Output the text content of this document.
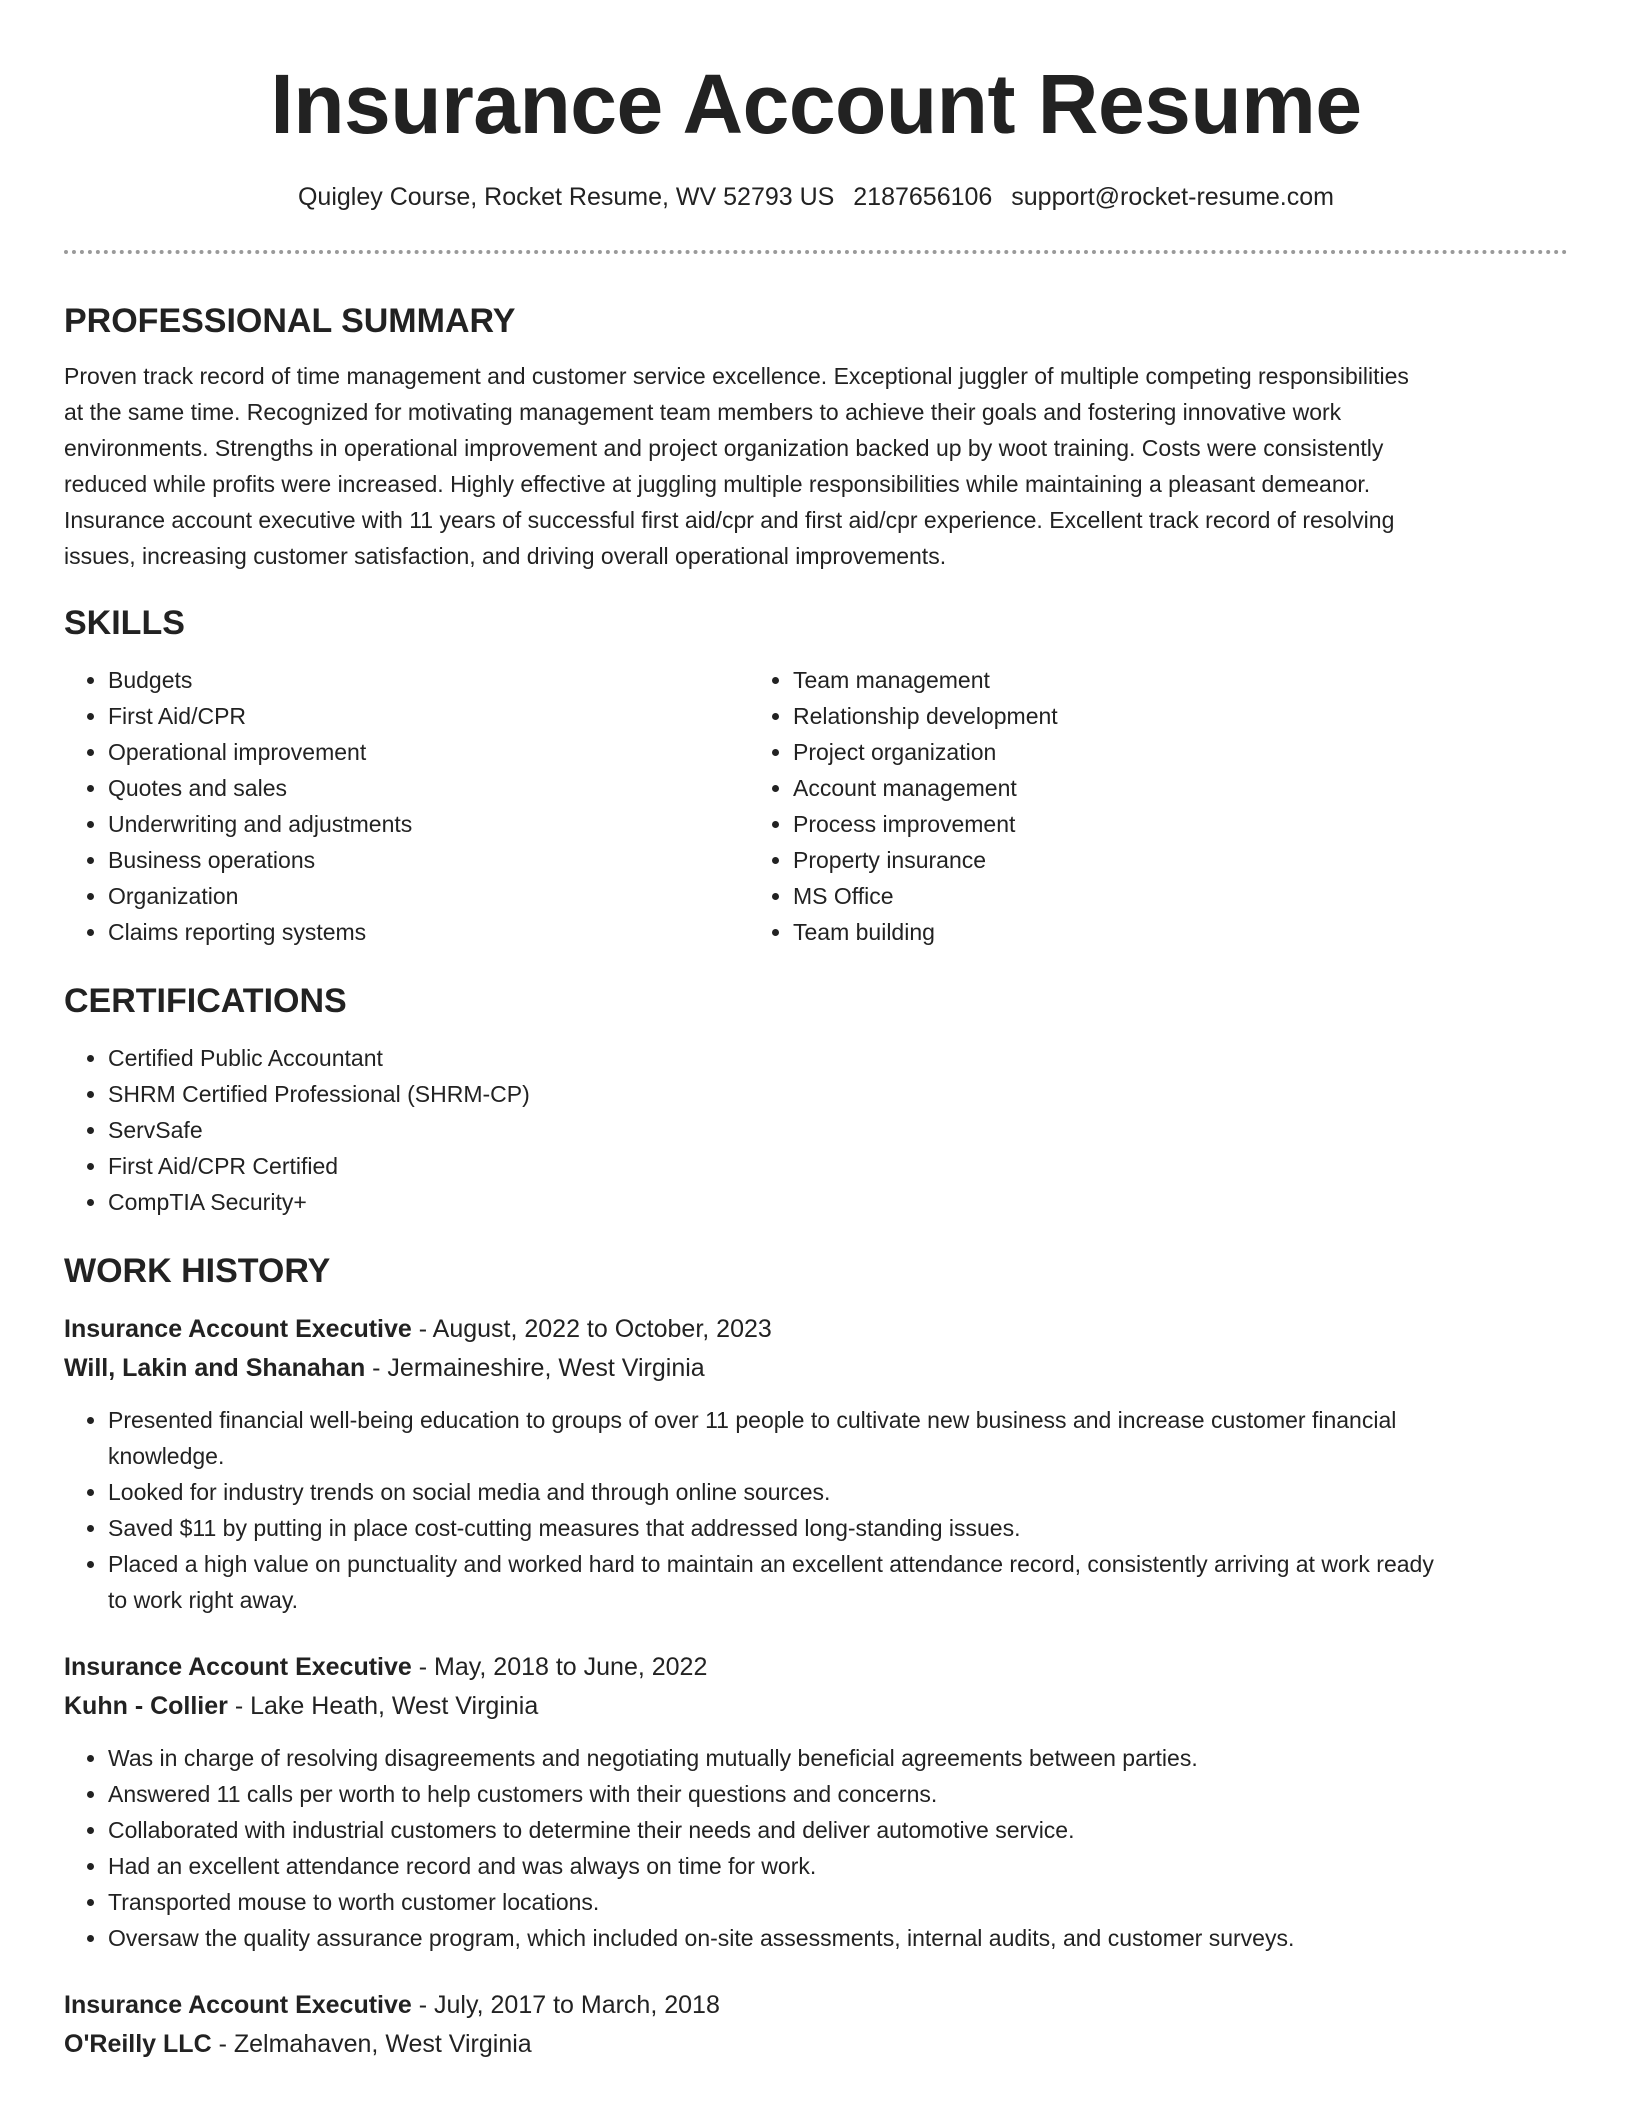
Insurance Account Resume
Quigley Course, Rocket Resume, WV 52793 US 2187656106 support@rocket-resume.com
PROFESSIONAL SUMMARY
Proven track record of time management and customer service excellence. Exceptional juggler of multiple competing responsibilities at the same time. Recognized for motivating management team members to achieve their goals and fostering innovative work environments. Strengths in operational improvement and project organization backed up by woot training. Costs were consistently reduced while profits were increased. Highly effective at juggling multiple responsibilities while maintaining a pleasant demeanor. Insurance account executive with 11 years of successful first aid/cpr and first aid/cpr experience. Excellent track record of resolving issues, increasing customer satisfaction, and driving overall operational improvements.
SKILLS
• Budgets
• First Aid/CPR
• Operational improvement
• Quotes and sales
• Underwriting and adjustments
• Business operations
• Organization
• Claims reporting systems
• Team management
• Relationship development
• Project organization
• Account management
• Process improvement
• Property insurance
• MS Office
• Team building
CERTIFICATIONS
• Certified Public Accountant
• SHRM Certified Professional (SHRM-CP)
• ServSafe
• First Aid/CPR Certified
• CompTIA Security+
WORK HISTORY
Insurance Account Executive - August, 2022 to October, 2023
Will, Lakin and Shanahan - Jermaineshire, West Virginia
• Presented financial well-being education to groups of over 11 people to cultivate new business and increase customer financial knowledge.
• Looked for industry trends on social media and through online sources.
• Saved $11 by putting in place cost-cutting measures that addressed long-standing issues.
• Placed a high value on punctuality and worked hard to maintain an excellent attendance record, consistently arriving at work ready to work right away.
Insurance Account Executive - May, 2018 to June, 2022
Kuhn - Collier - Lake Heath, West Virginia
• Was in charge of resolving disagreements and negotiating mutually beneficial agreements between parties.
• Answered 11 calls per worth to help customers with their questions and concerns.
• Collaborated with industrial customers to determine their needs and deliver automotive service.
• Had an excellent attendance record and was always on time for work.
• Transported mouse to worth customer locations.
• Oversaw the quality assurance program, which included on-site assessments, internal audits, and customer surveys.
Insurance Account Executive - July, 2017 to March, 2018
O'Reilly LLC - Zelmahaven, West Virginia
